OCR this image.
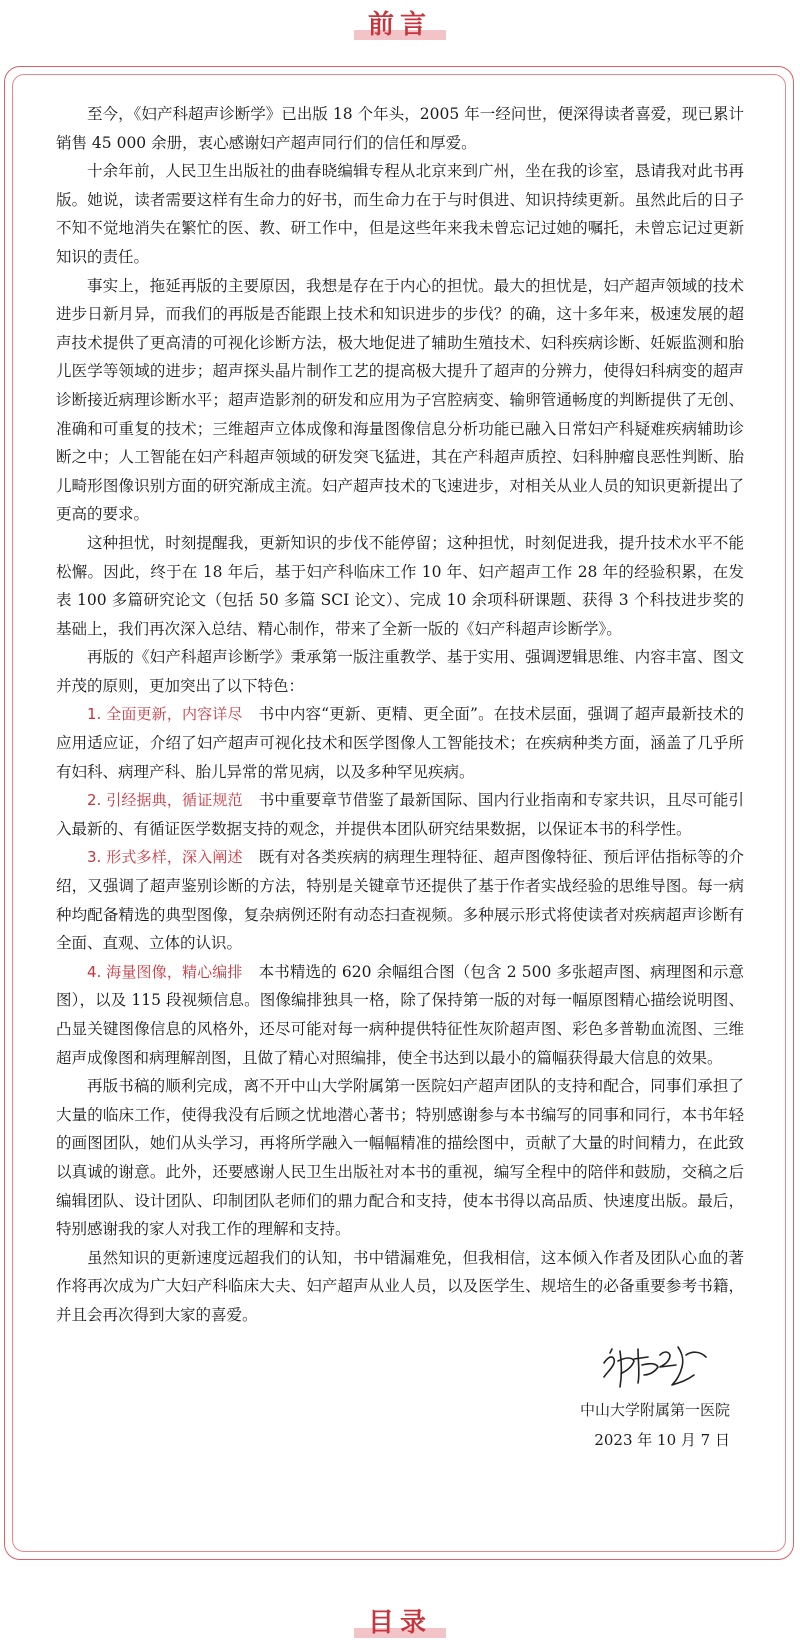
前言

至今，《妇产科超声诊断学》已出版 18 个年头，2005 年一经问世，便深得读者喜爱，现已累计销售 45 000 余册，衷心感谢妇产超声同行们的信任和厚爱。

十余年前，人民卫生出版社的曲春晓编辑专程从北京来到广州，坐在我的诊室，恳请我对此书再版。她说，读者需要这样有生命力的好书，而生命力在于与时俱进、知识持续更新。虽然此后的日子不知不觉地消失在繁忙的医、教、研工作中，但是这些年来我未曾忘记过她的嘱托，未曾忘记过更新知识的责任。

事实上，拖延再版的主要原因，我想是存在于内心的担忧。最大的担忧是，妇产超声领域的技术进步日新月异，而我们的再版是否能跟上技术和知识进步的步伐？的确，这十多年来，极速发展的超声技术提供了更高清的可视化诊断方法，极大地促进了辅助生殖技术、妇科疾病诊断、妊娠监测和胎儿医学等领域的进步；超声探头晶片制作工艺的提高极大提升了超声的分辨力，使得妇科病变的超声诊断接近病理诊断水平；超声造影剂的研发和应用为子宫腔病变、输卵管通畅度的判断提供了无创、准确和可重复的技术；三维超声立体成像和海量图像信息分析功能已融入日常妇产科疑难疾病辅助诊断之中；人工智能在妇产科超声领域的研发突飞猛进，其在产科超声质控、妇科肿瘤良恶性判断、胎儿畸形图像识别方面的研究渐成主流。妇产超声技术的飞速进步，对相关从业人员的知识更新提出了更高的要求。

这种担忧，时刻提醒我，更新知识的步伐不能停留；这种担忧，时刻促进我，提升技术水平不能松懈。因此，终于在 18 年后，基于妇产科临床工作 10 年、妇产超声工作 28 年的经验积累，在发表 100 多篇研究论文（包括 50 多篇 SCI 论文）、完成 10 余项科研课题、获得 3 个科技进步奖的基础上，我们再次深入总结、精心制作，带来了全新一版的《妇产科超声诊断学》。

再版的《妇产科超声诊断学》秉承第一版注重教学、基于实用、强调逻辑思维、内容丰富、图文并茂的原则，更加突出了以下特色：

1. 全面更新，内容详尽 书中内容“更新、更精、更全面”。在技术层面，强调了超声最新技术的应用适应证，介绍了妇产超声可视化技术和医学图像人工智能技术；在疾病种类方面，涵盖了几乎所有妇科、病理产科、胎儿异常的常见病，以及多种罕见疾病。

2. 引经据典，循证规范 书中重要章节借鉴了最新国际、国内行业指南和专家共识，且尽可能引入最新的、有循证医学数据支持的观念，并提供本团队研究结果数据，以保证本书的科学性。

3. 形式多样，深入阐述 既有对各类疾病的病理生理特征、超声图像特征、预后评估指标等的介绍，又强调了超声鉴别诊断的方法，特别是关键章节还提供了基于作者实战经验的思维导图。每一病种均配备精选的典型图像，复杂病例还附有动态扫查视频。多种展示形式将使读者对疾病超声诊断有全面、直观、立体的认识。

4. 海量图像，精心编排 本书精选的 620 余幅组合图（包含 2 500 多张超声图、病理图和示意图），以及 115 段视频信息。图像编排独具一格，除了保持第一版的对每一幅原图精心描绘说明图、凸显关键图像信息的风格外，还尽可能对每一病种提供特征性灰阶超声图、彩色多普勒血流图、三维超声成像图和病理解剖图，且做了精心对照编排，使全书达到以最小的篇幅获得最大信息的效果。

再版书稿的顺利完成，离不开中山大学附属第一医院妇产超声团队的支持和配合，同事们承担了大量的临床工作，使得我没有后顾之忧地潜心著书；特别感谢参与本书编写的同事和同行，本书年轻的画图团队，她们从头学习，再将所学融入一幅幅精准的描绘图中，贡献了大量的时间精力，在此致以真诚的谢意。此外，还要感谢人民卫生出版社对本书的重视，编写全程中的陪伴和鼓励，交稿之后编辑团队、设计团队、印制团队老师们的鼎力配合和支持，使本书得以高品质、快速度出版。最后，特别感谢我的家人对我工作的理解和支持。

虽然知识的更新速度远超我们的认知，书中错漏难免，但我相信，这本倾入作者及团队心血的著作将再次成为广大妇产科临床大夫、妇产超声从业人员，以及医学生、规培生的必备重要参考书籍，并且会再次得到大家的喜爱。

中山大学附属第一医院
2023 年 10 月 7 日
目录
